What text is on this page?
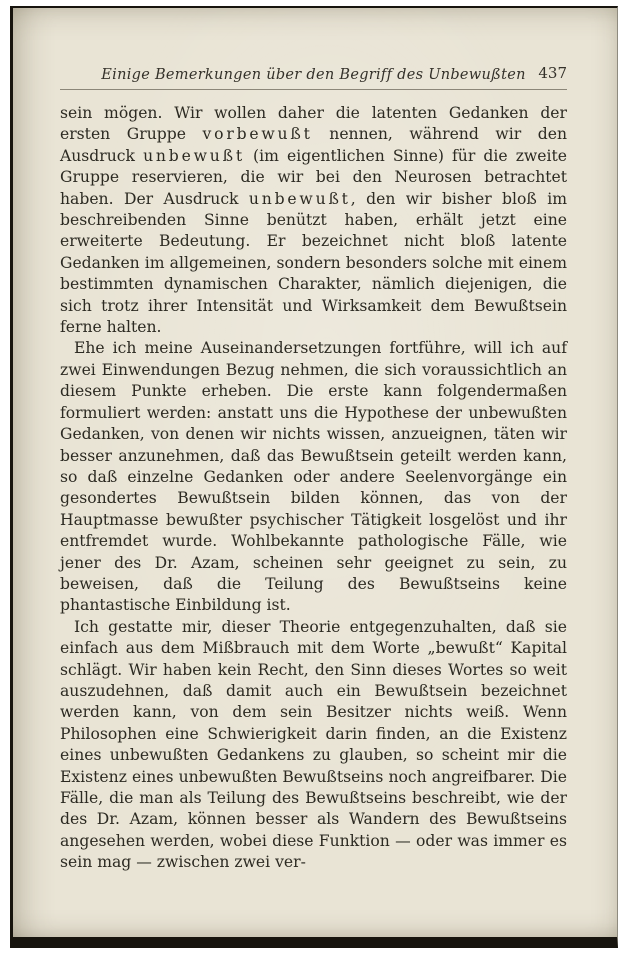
Einige Bemerkungen über den Begriff des Unbewußten 437

sein mögen. Wir wollen daher die latenten Gedanken der ersten Gruppe vorbewußt nennen, während wir den Ausdruck unbewußt (im eigentlichen Sinne) für die zweite Gruppe reservieren, die wir bei den Neurosen betrachtet haben. Der Ausdruck unbewußt, den wir bisher bloß im beschreibenden Sinne benützt haben, erhält jetzt eine erweiterte Bedeutung. Er bezeichnet nicht bloß latente Gedanken im allgemeinen, sondern besonders solche mit einem bestimmten dynamischen Charakter, nämlich diejenigen, die sich trotz ihrer Intensität und Wirksamkeit dem Bewußtsein ferne halten.

Ehe ich meine Auseinandersetzungen fortführe, will ich auf zwei Einwendungen Bezug nehmen, die sich voraussichtlich an diesem Punkte erheben. Die erste kann folgendermaßen formuliert werden: anstatt uns die Hypothese der unbewußten Gedanken, von denen wir nichts wissen, anzueignen, täten wir besser anzunehmen, daß das Bewußtsein geteilt werden kann, so daß einzelne Gedanken oder andere Seelenvorgänge ein gesondertes Bewußtsein bilden können, das von der Hauptmasse bewußter psychischer Tätigkeit losgelöst und ihr entfremdet wurde. Wohlbekannte pathologische Fälle, wie jener des Dr. Azam, scheinen sehr geeignet zu sein, zu beweisen, daß die Teilung des Bewußtseins keine phantastische Einbildung ist.

Ich gestatte mir, dieser Theorie entgegenzuhalten, daß sie einfach aus dem Mißbrauch mit dem Worte „bewußt“ Kapital schlägt. Wir haben kein Recht, den Sinn dieses Wortes so weit auszudehnen, daß damit auch ein Bewußtsein bezeichnet werden kann, von dem sein Besitzer nichts weiß. Wenn Philosophen eine Schwierigkeit darin finden, an die Existenz eines unbewußten Gedankens zu glauben, so scheint mir die Existenz eines unbewußten Bewußtseins noch angreifbarer. Die Fälle, die man als Teilung des Bewußtseins beschreibt, wie der des Dr. Azam, können besser als Wandern des Bewußtseins angesehen werden, wobei diese Funktion — oder was immer es sein mag — zwischen zwei ver-
